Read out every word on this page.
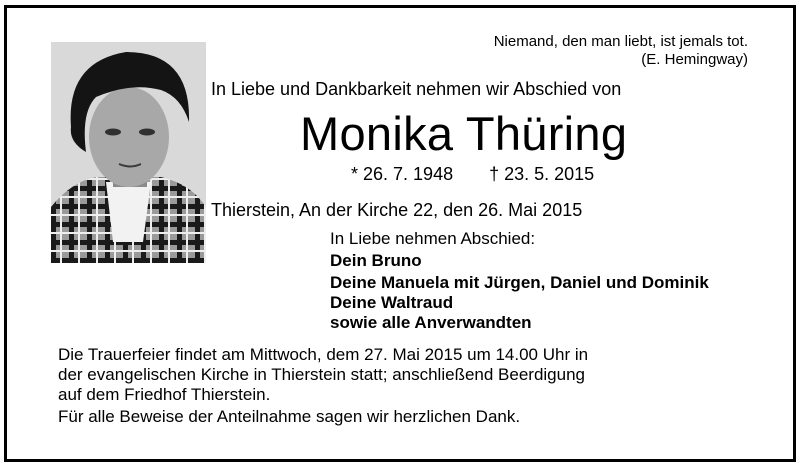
Niemand, den man liebt, ist jemals tot.
(E. Hemingway)
In Liebe und Dankbarkeit nehmen wir Abschied von
Monika Thüring
* 26. 7. 1948 † 23. 5. 2015
Thierstein, An der Kirche 22, den 26. Mai 2015
In Liebe nehmen Abschied:
Dein Bruno
Deine Manuela mit Jürgen, Daniel und Dominik
Deine Waltraud
sowie alle Anverwandten
Die Trauerfeier findet am Mittwoch, dem 27. Mai 2015 um 14.00 Uhr in
der evangelischen Kirche in Thierstein statt; anschließend Beerdigung
auf dem Friedhof Thierstein.
Für alle Beweise der Anteilnahme sagen wir herzlichen Dank.
